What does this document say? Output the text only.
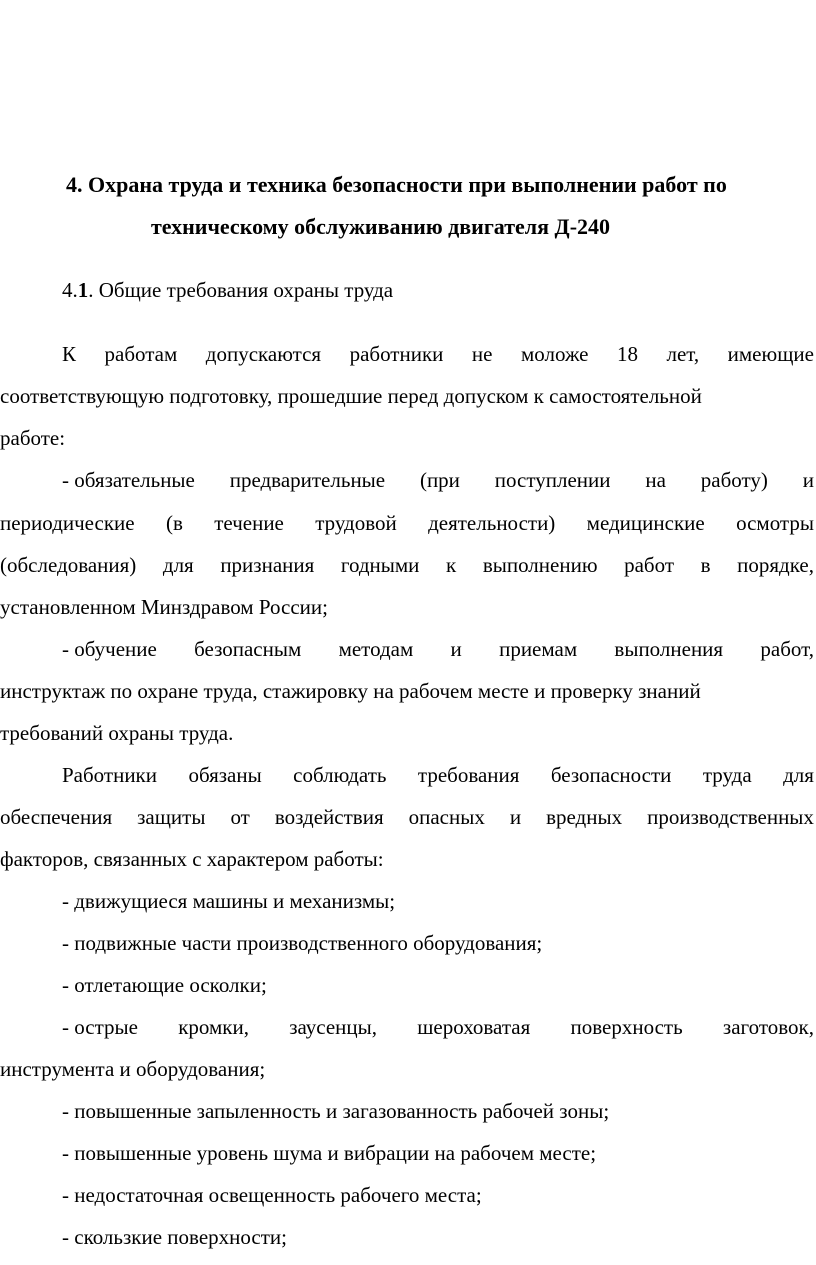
4. Охрана труда и техника безопасности при выполнении работ по
техническому обслуживанию двигателя Д-240
4.1. Общие требования охраны труда
К работам допускаются работники не моложе 18 лет, имеющие
соответствующую подготовку, прошедшие перед допуском к самостоятельной
работе:
- обязательные предварительные (при поступлении на работу) и
периодические (в течение трудовой деятельности) медицинские осмотры
(обследования) для признания годными к выполнению работ в порядке,
установленном Минздравом России;
- обучение безопасным методам и приемам выполнения работ,
инструктаж по охране труда, стажировку на рабочем месте и проверку знаний
требований охраны труда.
Работники обязаны соблюдать требования безопасности труда для
обеспечения защиты от воздействия опасных и вредных производственных
факторов, связанных с характером работы:
- движущиеся машины и механизмы;
- подвижные части производственного оборудования;
- отлетающие осколки;
- острые кромки, заусенцы, шероховатая поверхность заготовок,
инструмента и оборудования;
- повышенные запыленность и загазованность рабочей зоны;
- повышенные уровень шума и вибрации на рабочем месте;
- недостаточная освещенность рабочего места;
- скользкие поверхности;
